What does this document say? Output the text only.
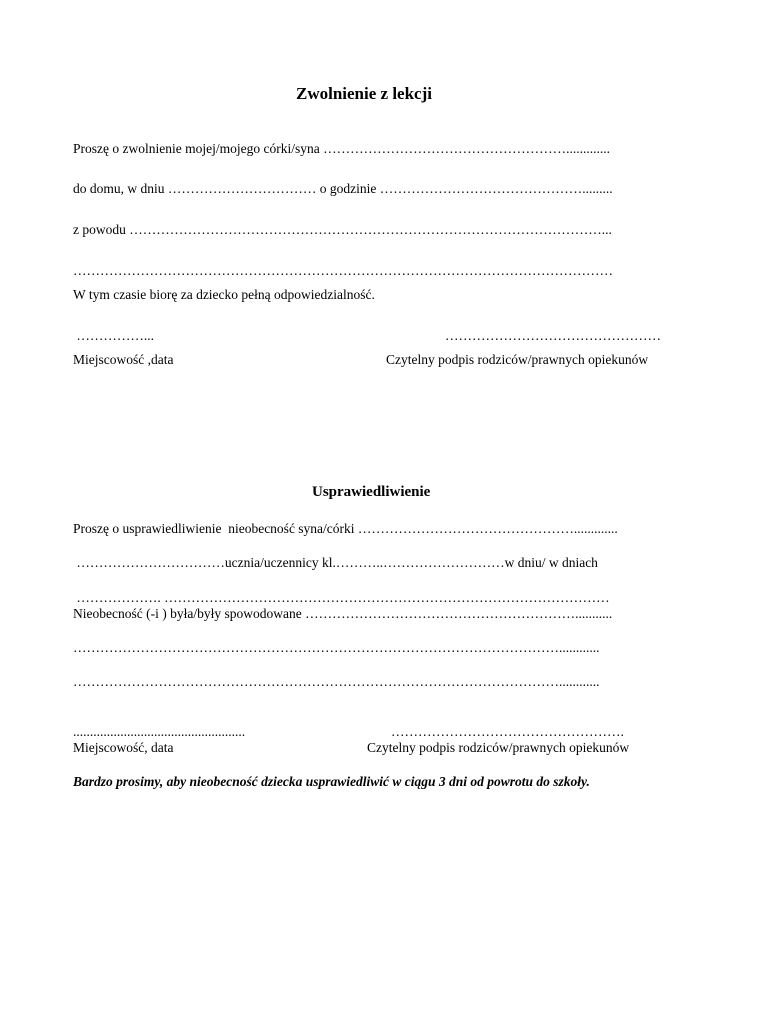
Zwolnienie z lekcji
Proszę o zwolnienie mojej/mojego córki/syna ……………………………………………….............
do domu, w dniu …………………………… o godzinie ……………………………………….........
z powodu ……………………………………………………………………………………………...
…………………………………………………………………………………………………………
W tym czasie biorę za dziecko pełną odpowiedzialność.
……………...	…………………………………………
Miejscowość ,data	Czytelny podpis rodziców/prawnych opiekunów
Usprawiedliwienie
Proszę o usprawiedliwienie  nieobecność syna/córki ………………………………………….............
……………………………ucznia/uczennicy kl.………..………………………w dniu/ w dniach
………………. ………………………………………………………………………………………
Nieobecność (-i ) była/były spowodowane ……………………………………………………...........
………………………………………………………………………………………………............
………………………………………………………………………………………………............
...................................................	…………………………………………….
Miejscowość, data	Czytelny podpis rodziców/prawnych opiekunów
Bardzo prosimy, aby nieobecność dziecka usprawiedliwić w ciągu 3 dni od powrotu do szkoły.
